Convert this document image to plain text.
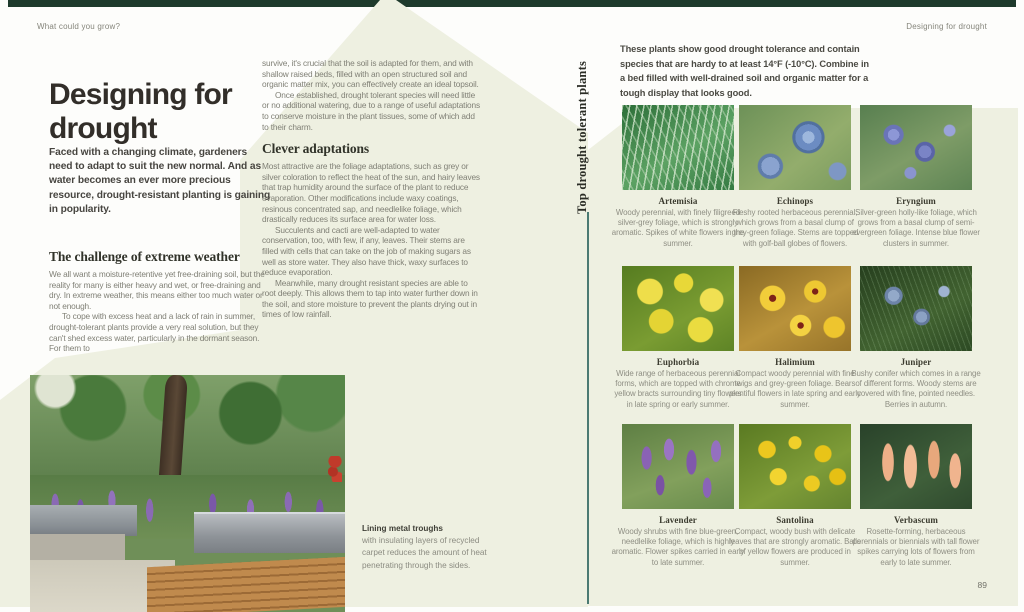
What could you grow?	Designing for drought
Designing for drought
Faced with a changing climate, gardeners need to adapt to suit the new normal. And as water becomes an ever more precious resource, drought-resistant planting is gaining in popularity.
The challenge of extreme weather

We all want a moisture-retentive yet free-draining soil, but the reality for many is either heavy and wet, or free-draining and dry. In extreme weather, this means either too much water or not enough.

To cope with excess heat and a lack of rain in summer, drought-tolerant plants provide a very real solution, but they can't shed excess water, particularly in the dormant season. For them to

survive, it's crucial that the soil is adapted for them, and with shallow raised beds, filled with an open structured soil and organic matter mix, you can effectively create an ideal topsoil.

Once established, drought tolerant species will need little or no additional watering, due to a range of useful adaptations to conserve moisture in the plant tissues, some of which add to their charm.

Clever adaptations

Most attractive are the foliage adaptations, such as grey or silver coloration to reflect the heat of the sun, and hairy leaves that trap humidity around the surface of the plant to reduce evaporation. Other modifications include waxy coatings, resinous concentrated sap, and needlelike foliage, which drastically reduces its surface area for water loss.

Succulents and cacti are well-adapted to water conservation, too, with few, if any, leaves. Their stems are filled with cells that can take on the job of making sugars as well as store water. They also have thick, waxy surfaces to reduce evaporation.

Meanwhile, many drought resistant species are able to root deeply. This allows them to tap into water further down in the soil, and store moisture to prevent the plants drying out in times of low rainfall.

Lining metal troughs
with insulating layers of recycled carpet reduces the amount of heat penetrating through the sides.
Top drought tolerant plants
These plants show good drought tolerance and contain species that are hardy to at least 14°F (-10°C). Combine in a bed filled with well-drained soil and organic matter for a tough display that looks good.
Artemisia
Woody perennial, with finely filigreed silver-grey foliage, which is strongly aromatic. Spikes of white flowers in the summer.
Echinops
Fleshy rooted herbaceous perennial, which grows from a basal clump of grey-green foliage. Stems are topped with golf-ball globes of flowers.
Eryngium
Silver-green holly-like foliage, which grows from a basal clump of semi-evergreen foliage. Intense blue flower clusters in summer.
Euphorbia
Wide range of herbaceous perennial forms, which are topped with chrome yellow bracts surrounding tiny flowers in late spring or early summer.
Halimium
Compact woody perennial with fine twigs and grey-green foliage. Bears plentiful flowers in late spring and early summer.
Juniper
Bushy conifer which comes in a range of different forms. Woody stems are covered with fine, pointed needles. Berries in autumn.
Lavender
Woody shrubs with fine blue-green, needlelike foliage, which is highly aromatic. Flower spikes carried in early to late summer.
Santolina
Compact, woody bush with delicate leaves that are strongly aromatic. Balls of yellow flowers are produced in summer.
Verbascum
Rosette-forming, herbaceous perennials or biennials with tall flower spikes carrying lots of flowers from early to late summer.
89
